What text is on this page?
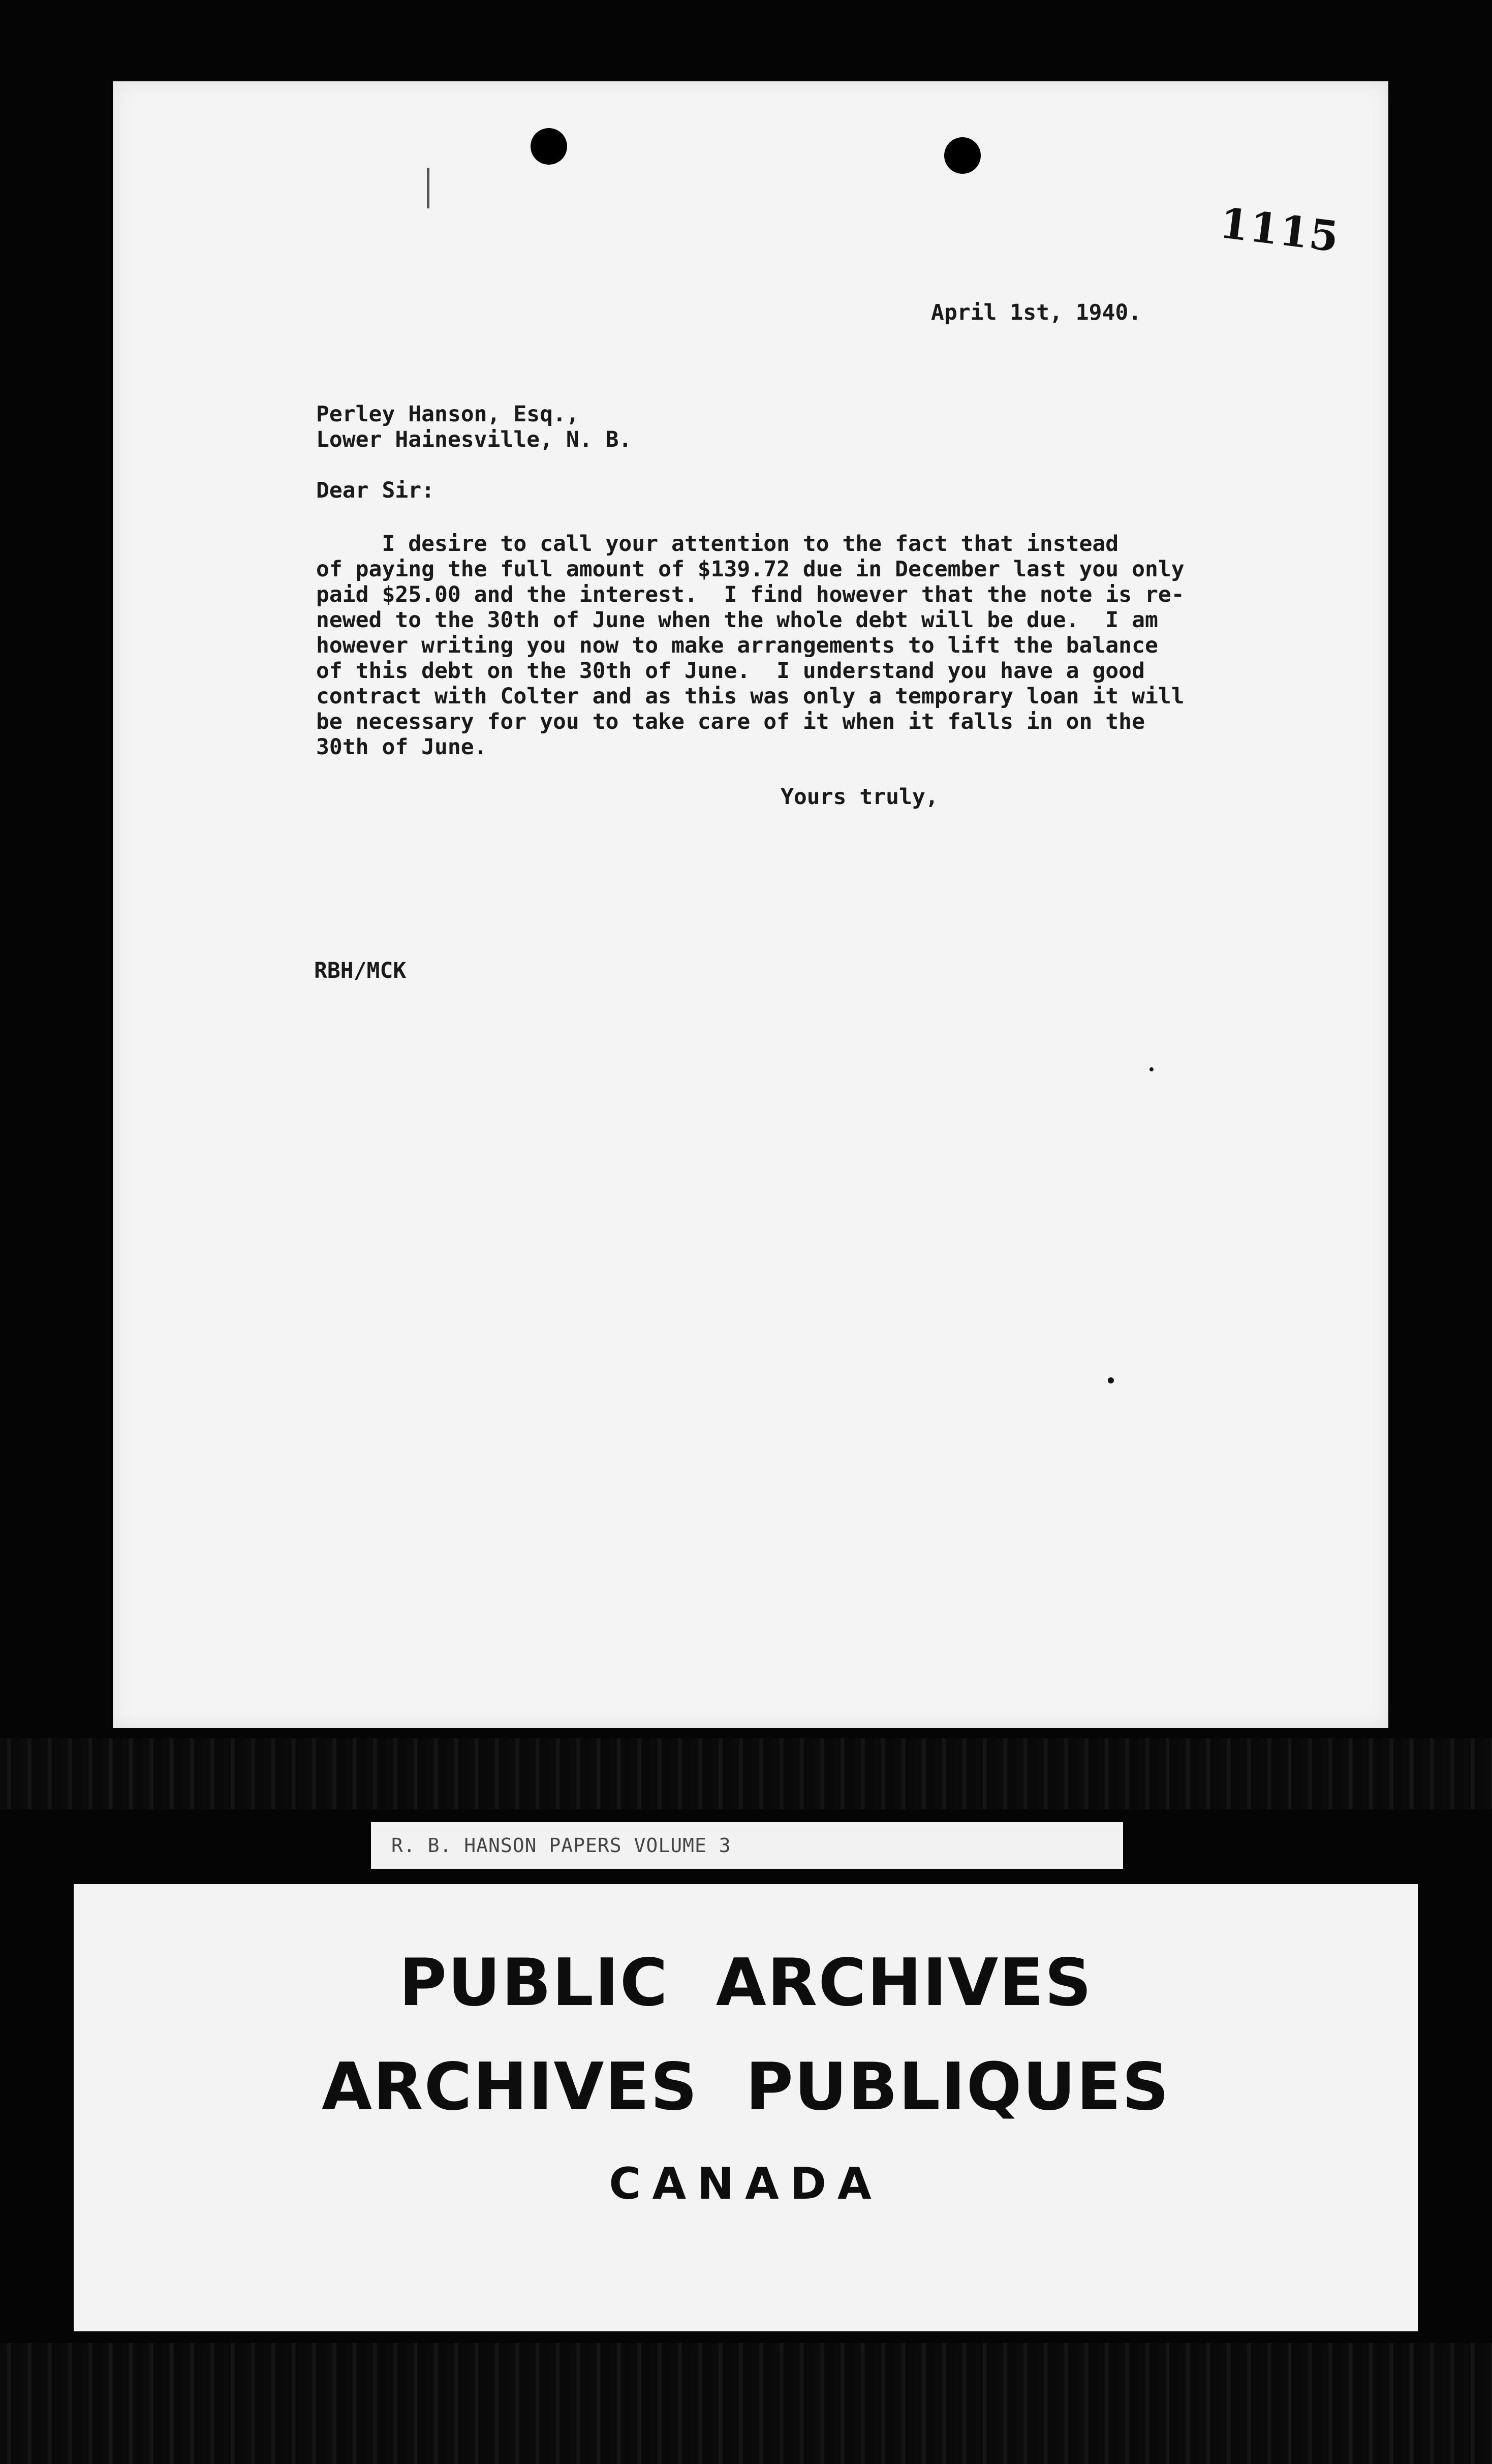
1115
April 1st, 1940.
Perley Hanson, Esq.,
Lower Hainesville, N. B.
Dear Sir:
I desire to call your attention to the fact that instead
of paying the full amount of $139.72 due in December last you only
paid $25.00 and the interest.  I find however that the note is re-
newed to the 30th of June when the whole debt will be due.  I am
however writing you now to make arrangements to lift the balance
of this debt on the 30th of June.  I understand you have a good
contract with Colter and as this was only a temporary loan it will
be necessary for you to take care of it when it falls in on the
30th of June.
Yours truly,
RBH/MCK
R. B. HANSON PAPERS VOLUME 3
PUBLIC  ARCHIVES
ARCHIVES  PUBLIQUES
CANADA
